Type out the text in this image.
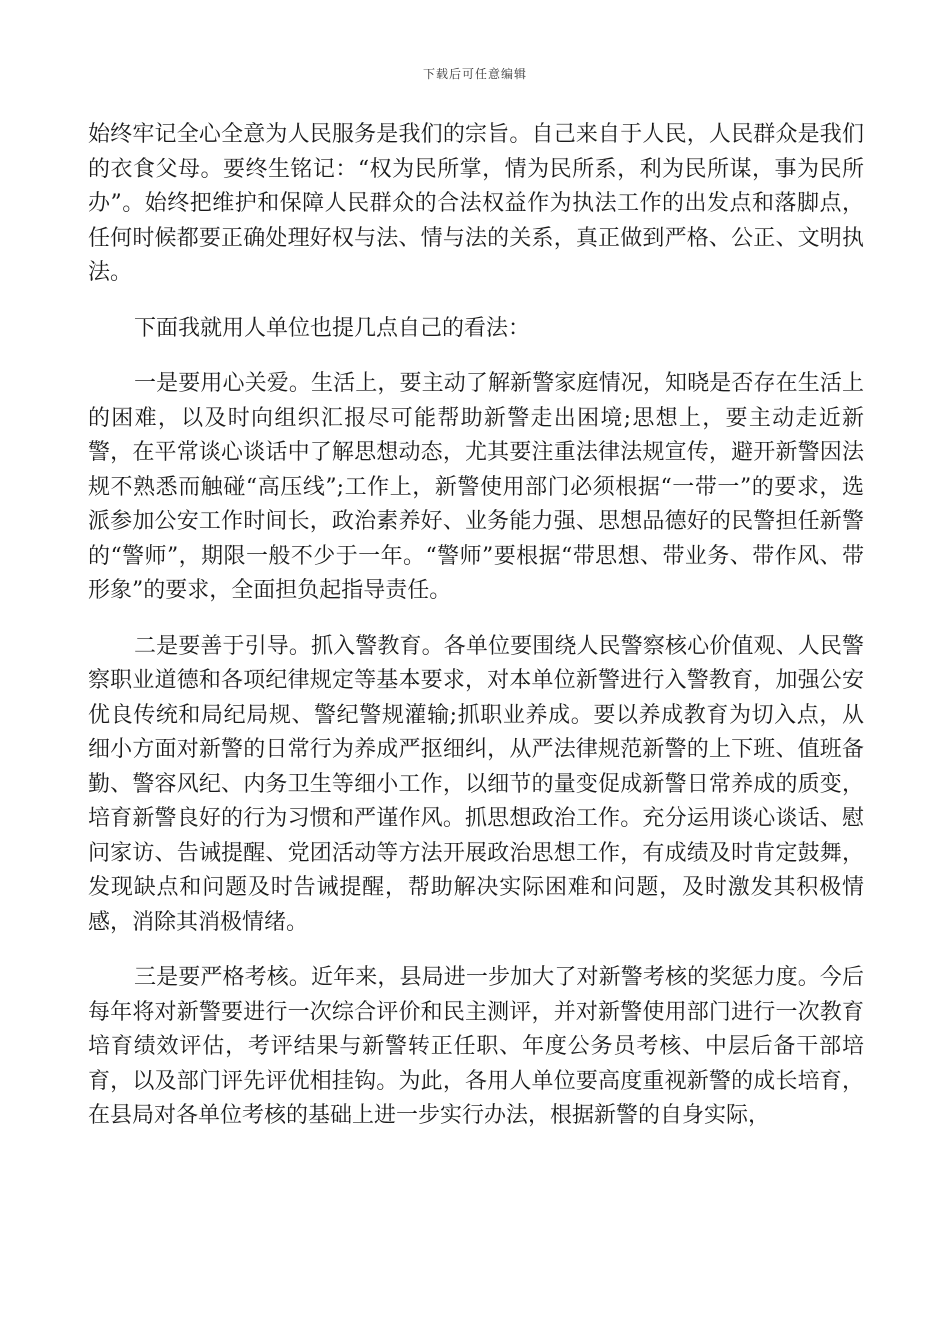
下载后可任意编辑

始终牢记全心全意为人民服务是我们的宗旨。自己来自于人民，人民群众是我们的衣食父母。要终生铭记：“权为民所掌，情为民所系，利为民所谋，事为民所办”。始终把维护和保障人民群众的合法权益作为执法工作的出发点和落脚点，任何时候都要正确处理好权与法、情与法的关系，真正做到严格、公正、文明执法。

下面我就用人单位也提几点自己的看法：

一是要用心关爱。生活上，要主动了解新警家庭情况，知晓是否存在生活上的困难，以及时向组织汇报尽可能帮助新警走出困境;思想上，要主动走近新警，在平常谈心谈话中了解思想动态，尤其要注重法律法规宣传，避开新警因法规不熟悉而触碰“高压线”;工作上，新警使用部门必须根据“一带一”的要求，选派参加公安工作时间长，政治素养好、业务能力强、思想品德好的民警担任新警的“警师”，期限一般不少于一年。“警师”要根据“带思想、带业务、带作风、带形象”的要求，全面担负起指导责任。

二是要善于引导。抓入警教育。各单位要围绕人民警察核心价值观、人民警察职业道德和各项纪律规定等基本要求，对本单位新警进行入警教育，加强公安优良传统和局纪局规、警纪警规灌输;抓职业养成。要以养成教育为切入点，从细小方面对新警的日常行为养成严抠细纠，从严法律规范新警的上下班、值班备勤、警容风纪、内务卫生等细小工作，以细节的量变促成新警日常养成的质变，培育新警良好的行为习惯和严谨作风。抓思想政治工作。充分运用谈心谈话、慰问家访、告诫提醒、党团活动等方法开展政治思想工作，有成绩及时肯定鼓舞，发现缺点和问题及时告诫提醒，帮助解决实际困难和问题，及时激发其积极情感，消除其消极情绪。

三是要严格考核。近年来，县局进一步加大了对新警考核的奖惩力度。今后每年将对新警要进行一次综合评价和民主测评，并对新警使用部门进行一次教育培育绩效评估，考评结果与新警转正任职、年度公务员考核、中层后备干部培育，以及部门评先评优相挂钩。为此，各用人单位要高度重视新警的成长培育，在县局对各单位考核的基础上进一步实行办法，根据新警的自身实际，
